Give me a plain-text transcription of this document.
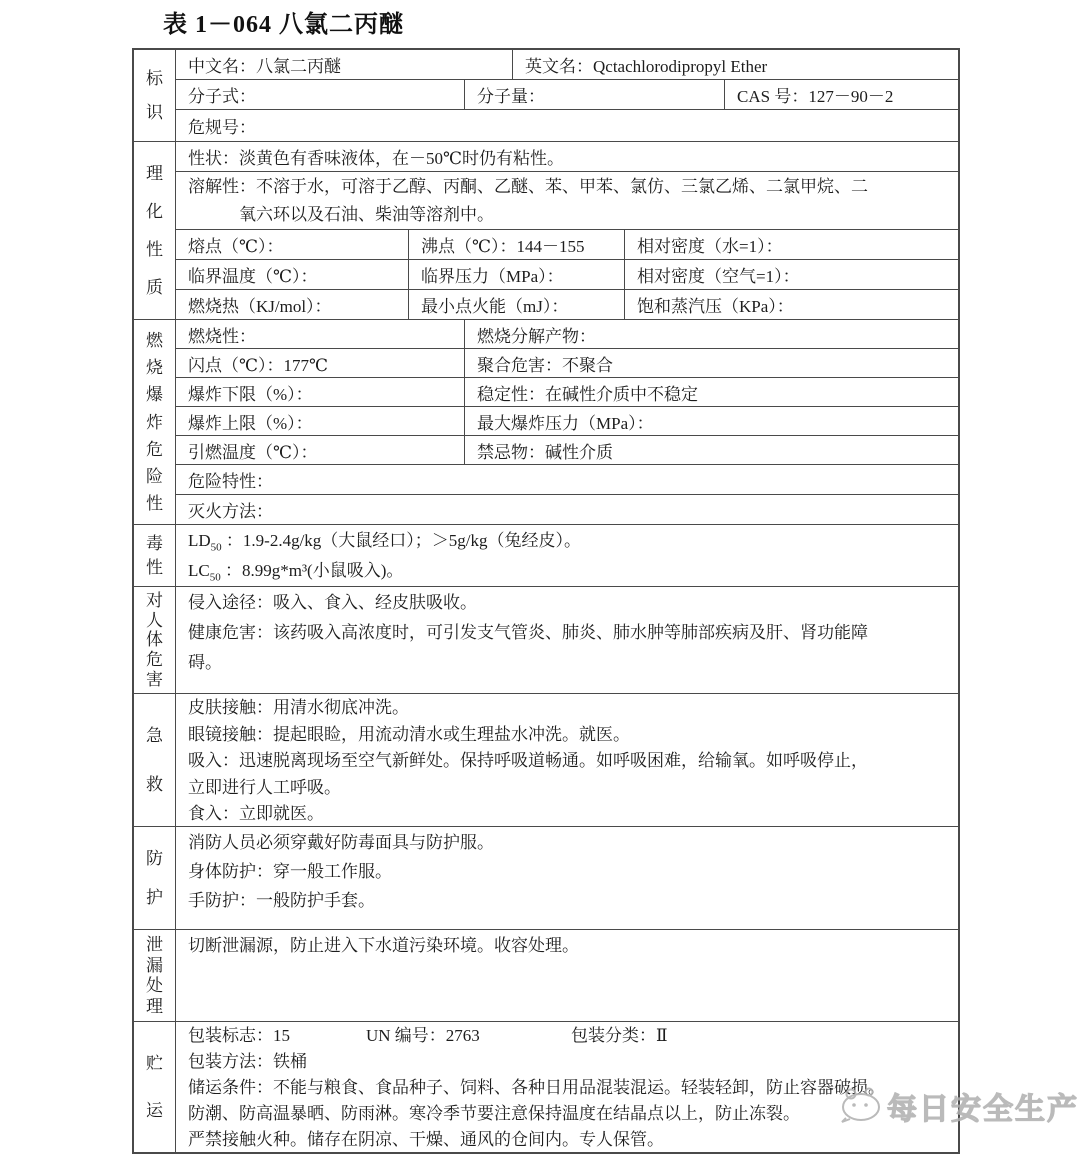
表 1－064 八氯二丙醚
标
识
中文名：八氯二丙醚	英文名：Qctachlorodipropyl Ether
分子式：	分子量：	CAS 号：127－90－2
危规号：
理
化
性
质
性状：淡黄色有香味液体，在－50℃时仍有粘性。
溶解性：不溶于水，可溶于乙醇、丙酮、乙醚、苯、甲苯、氯仿、三氯乙烯、二氯甲烷、二
氧六环以及石油、柴油等溶剂中。
熔点（℃）：	沸点（℃）：144－155	相对密度（水=1）：
临界温度（℃）：	临界压力（MPa）：	相对密度（空气=1）：
燃烧热（KJ/mol）：	最小点火能（mJ）：	饱和蒸汽压（KPa）：
燃
烧
爆
炸
危
险
性
燃烧性：	燃烧分解产物：
闪点（℃）：177℃	聚合危害：不聚合
爆炸下限（%）：	稳定性：在碱性介质中不稳定
爆炸上限（%）：	最大爆炸压力（MPa）：
引燃温度（℃）：	禁忌物：碱性介质
危险特性：
灭火方法：
毒
性
$LD_{50}$ ：1.9-2.4g/kg（大鼠经口）；＞5g/kg（兔经皮）。
$LC_{50}$ ：8.99g*m³(小鼠吸入)。
对
人
体
危
害
侵入途径：吸入、食入、经皮肤吸收。
健康危害：该药吸入高浓度时，可引发支气管炎、肺炎、肺水肿等肺部疾病及肝、肾功能障
碍。
急
救
皮肤接触：用清水彻底冲洗。
眼镜接触：提起眼睑，用流动清水或生理盐水冲洗。就医。
吸入：迅速脱离现场至空气新鲜处。保持呼吸道畅通。如呼吸困难，给输氧。如呼吸停止，
立即进行人工呼吸。
食入：立即就医。
防
护
消防人员必须穿戴好防毒面具与防护服。
身体防护：穿一般工作服。
手防护：一般防护手套。
泄
漏
处
理
切断泄漏源，防止进入下水道污染环境。收容处理。
贮
运
包装标志：15	UN 编号：2763	包装分类：Ⅱ
包装方法：铁桶
储运条件：不能与粮食、食品种子、饲料、各种日用品混装混运。轻装轻卸，防止容器破损。
防潮、防高温暴晒、防雨淋。寒冷季节要注意保持温度在结晶点以上，防止冻裂。
严禁接触火种。储存在阴凉、干燥、通风的仓间内。专人保管。
每日安全生产
